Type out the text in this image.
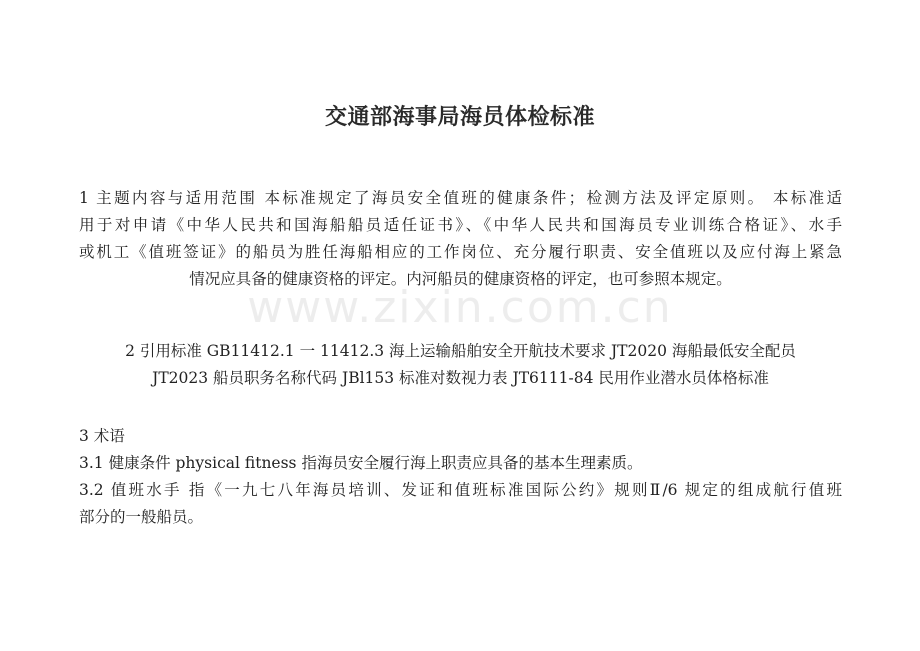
交通部海事局海员体检标准
1 主题内容与适用范围 本标准规定了海员安全值班的健康条件；检测方法及评定原则。 本标准适
用于对申请《中华人民共和国海船船员适任证书》、《中华人民共和国海员专业训练合格证》、水手
或机工《值班签证》的船员为胜任海船相应的工作岗位、充分履行职责、安全值班以及应付海上紧急
情况应具备的健康资格的评定。内河船员的健康资格的评定，也可参照本规定。
2 引用标准 GB11412.1 一 11412.3 海上运输船舶安全开航技术要求 JT2020 海船最低安全配员
JT2023 船员职务名称代码 JBl153 标准对数视力表 JT6111-84 民用作业潜水员体格标准
3 术语
3.1 健康条件 physical fitness 指海员安全履行海上职责应具备的基本生理素质。
3.2 值班水手 指《一九七八年海员培训、发证和值班标准国际公约》规则Ⅱ/6 规定的组成航行值班
部分的一般船员。
www.zixin.com.cn
